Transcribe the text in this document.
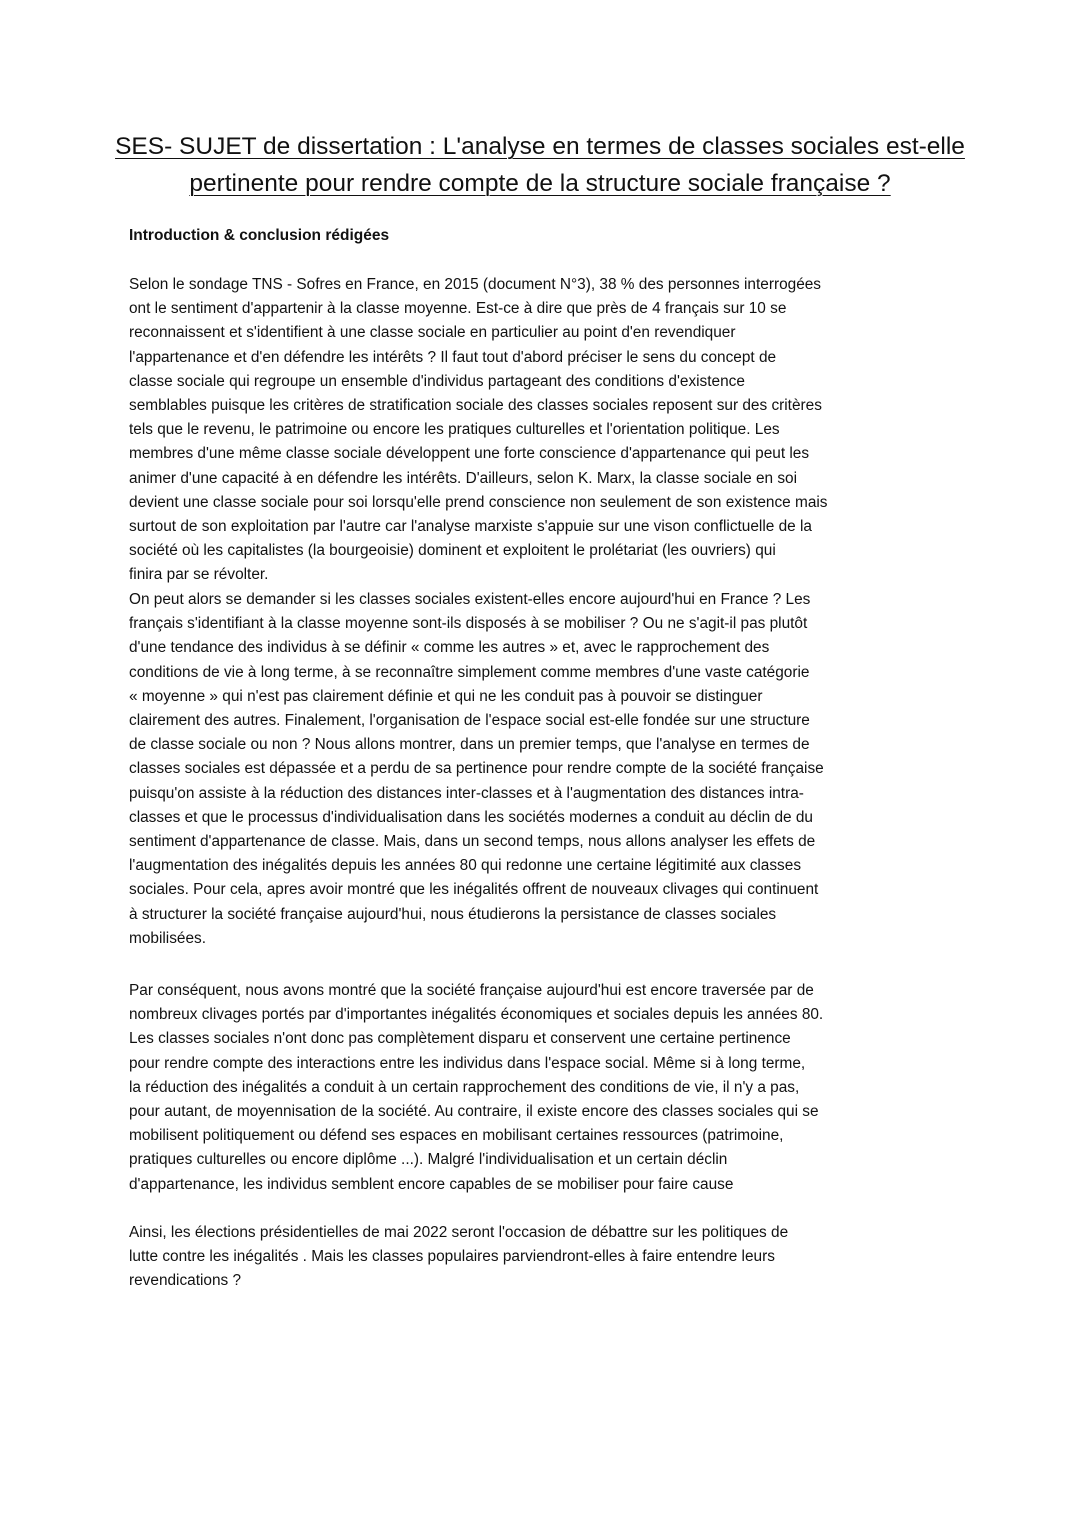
SES- SUJET de dissertation : L'analyse en termes de classes sociales est-elle
pertinente pour rendre compte de la structure sociale française ?
Introduction & conclusion rédigées
Selon le sondage TNS - Sofres en France, en 2015 (document N°3), 38 % des personnes interrogées
ont le sentiment d'appartenir à la classe moyenne. Est-ce à dire que près de 4 français sur 10 se
reconnaissent et s'identifient à une classe sociale en particulier au point d'en revendiquer
l'appartenance et d'en défendre les intérêts ? Il faut tout d'abord préciser le sens du concept de
classe sociale qui regroupe un ensemble d'individus partageant des conditions d'existence
semblables puisque les critères de stratification sociale des classes sociales reposent sur des critères
tels que le revenu, le patrimoine ou encore les pratiques culturelles et l'orientation politique. Les
membres d'une même classe sociale développent une forte conscience d'appartenance qui peut les
animer d'une capacité à en défendre les intérêts. D'ailleurs, selon K. Marx, la classe sociale en soi
devient une classe sociale pour soi lorsqu'elle prend conscience non seulement de son existence mais
surtout de son exploitation par l'autre car l'analyse marxiste s'appuie sur une vison conflictuelle de la
société où les capitalistes (la bourgeoisie) dominent et exploitent le prolétariat (les ouvriers) qui
finira par se révolter.
On peut alors se demander si les classes sociales existent-elles encore aujourd'hui en France ? Les
français s'identifiant à la classe moyenne sont-ils disposés à se mobiliser ? Ou ne s'agit-il pas plutôt
d'une tendance des individus à se définir « comme les autres » et, avec le rapprochement des
conditions de vie à long terme, à se reconnaître simplement comme membres d'une vaste catégorie
« moyenne » qui n'est pas clairement définie et qui ne les conduit pas à pouvoir se distinguer
clairement des autres. Finalement, l'organisation de l'espace social est-elle fondée sur une structure
de classe sociale ou non ? Nous allons montrer, dans un premier temps, que l'analyse en termes de
classes sociales est dépassée et a perdu de sa pertinence pour rendre compte de la société française
puisqu'on assiste à la réduction des distances inter-classes et à l'augmentation des distances intra-
classes et que le processus d'individualisation dans les sociétés modernes a conduit au déclin de du
sentiment d'appartenance de classe. Mais, dans un second temps, nous allons analyser les effets de
l'augmentation des inégalités depuis les années 80 qui redonne une certaine légitimité aux classes
sociales. Pour cela, apres avoir montré que les inégalités offrent de nouveaux clivages qui continuent
à structurer la société française aujourd'hui, nous étudierons la persistance de classes sociales
mobilisées.
Par conséquent, nous avons montré que la société française aujourd'hui est encore traversée par de
nombreux clivages portés par d'importantes inégalités économiques et sociales depuis les années 80.
Les classes sociales n'ont donc pas complètement disparu et conservent une certaine pertinence
pour rendre compte des interactions entre les individus dans l'espace social. Même si à long terme,
la réduction des inégalités a conduit à un certain rapprochement des conditions de vie, il n'y a pas,
pour autant, de moyennisation de la société. Au contraire, il existe encore des classes sociales qui se
mobilisent politiquement ou défend ses espaces en mobilisant certaines ressources (patrimoine,
pratiques culturelles ou encore diplôme ...). Malgré l'individualisation et un certain déclin
d'appartenance, les individus semblent encore capables de se mobiliser pour faire cause
Ainsi, les élections présidentielles de mai 2022 seront l'occasion de débattre sur les politiques de
lutte contre les inégalités . Mais les classes populaires parviendront-elles à faire entendre leurs
revendications ?
